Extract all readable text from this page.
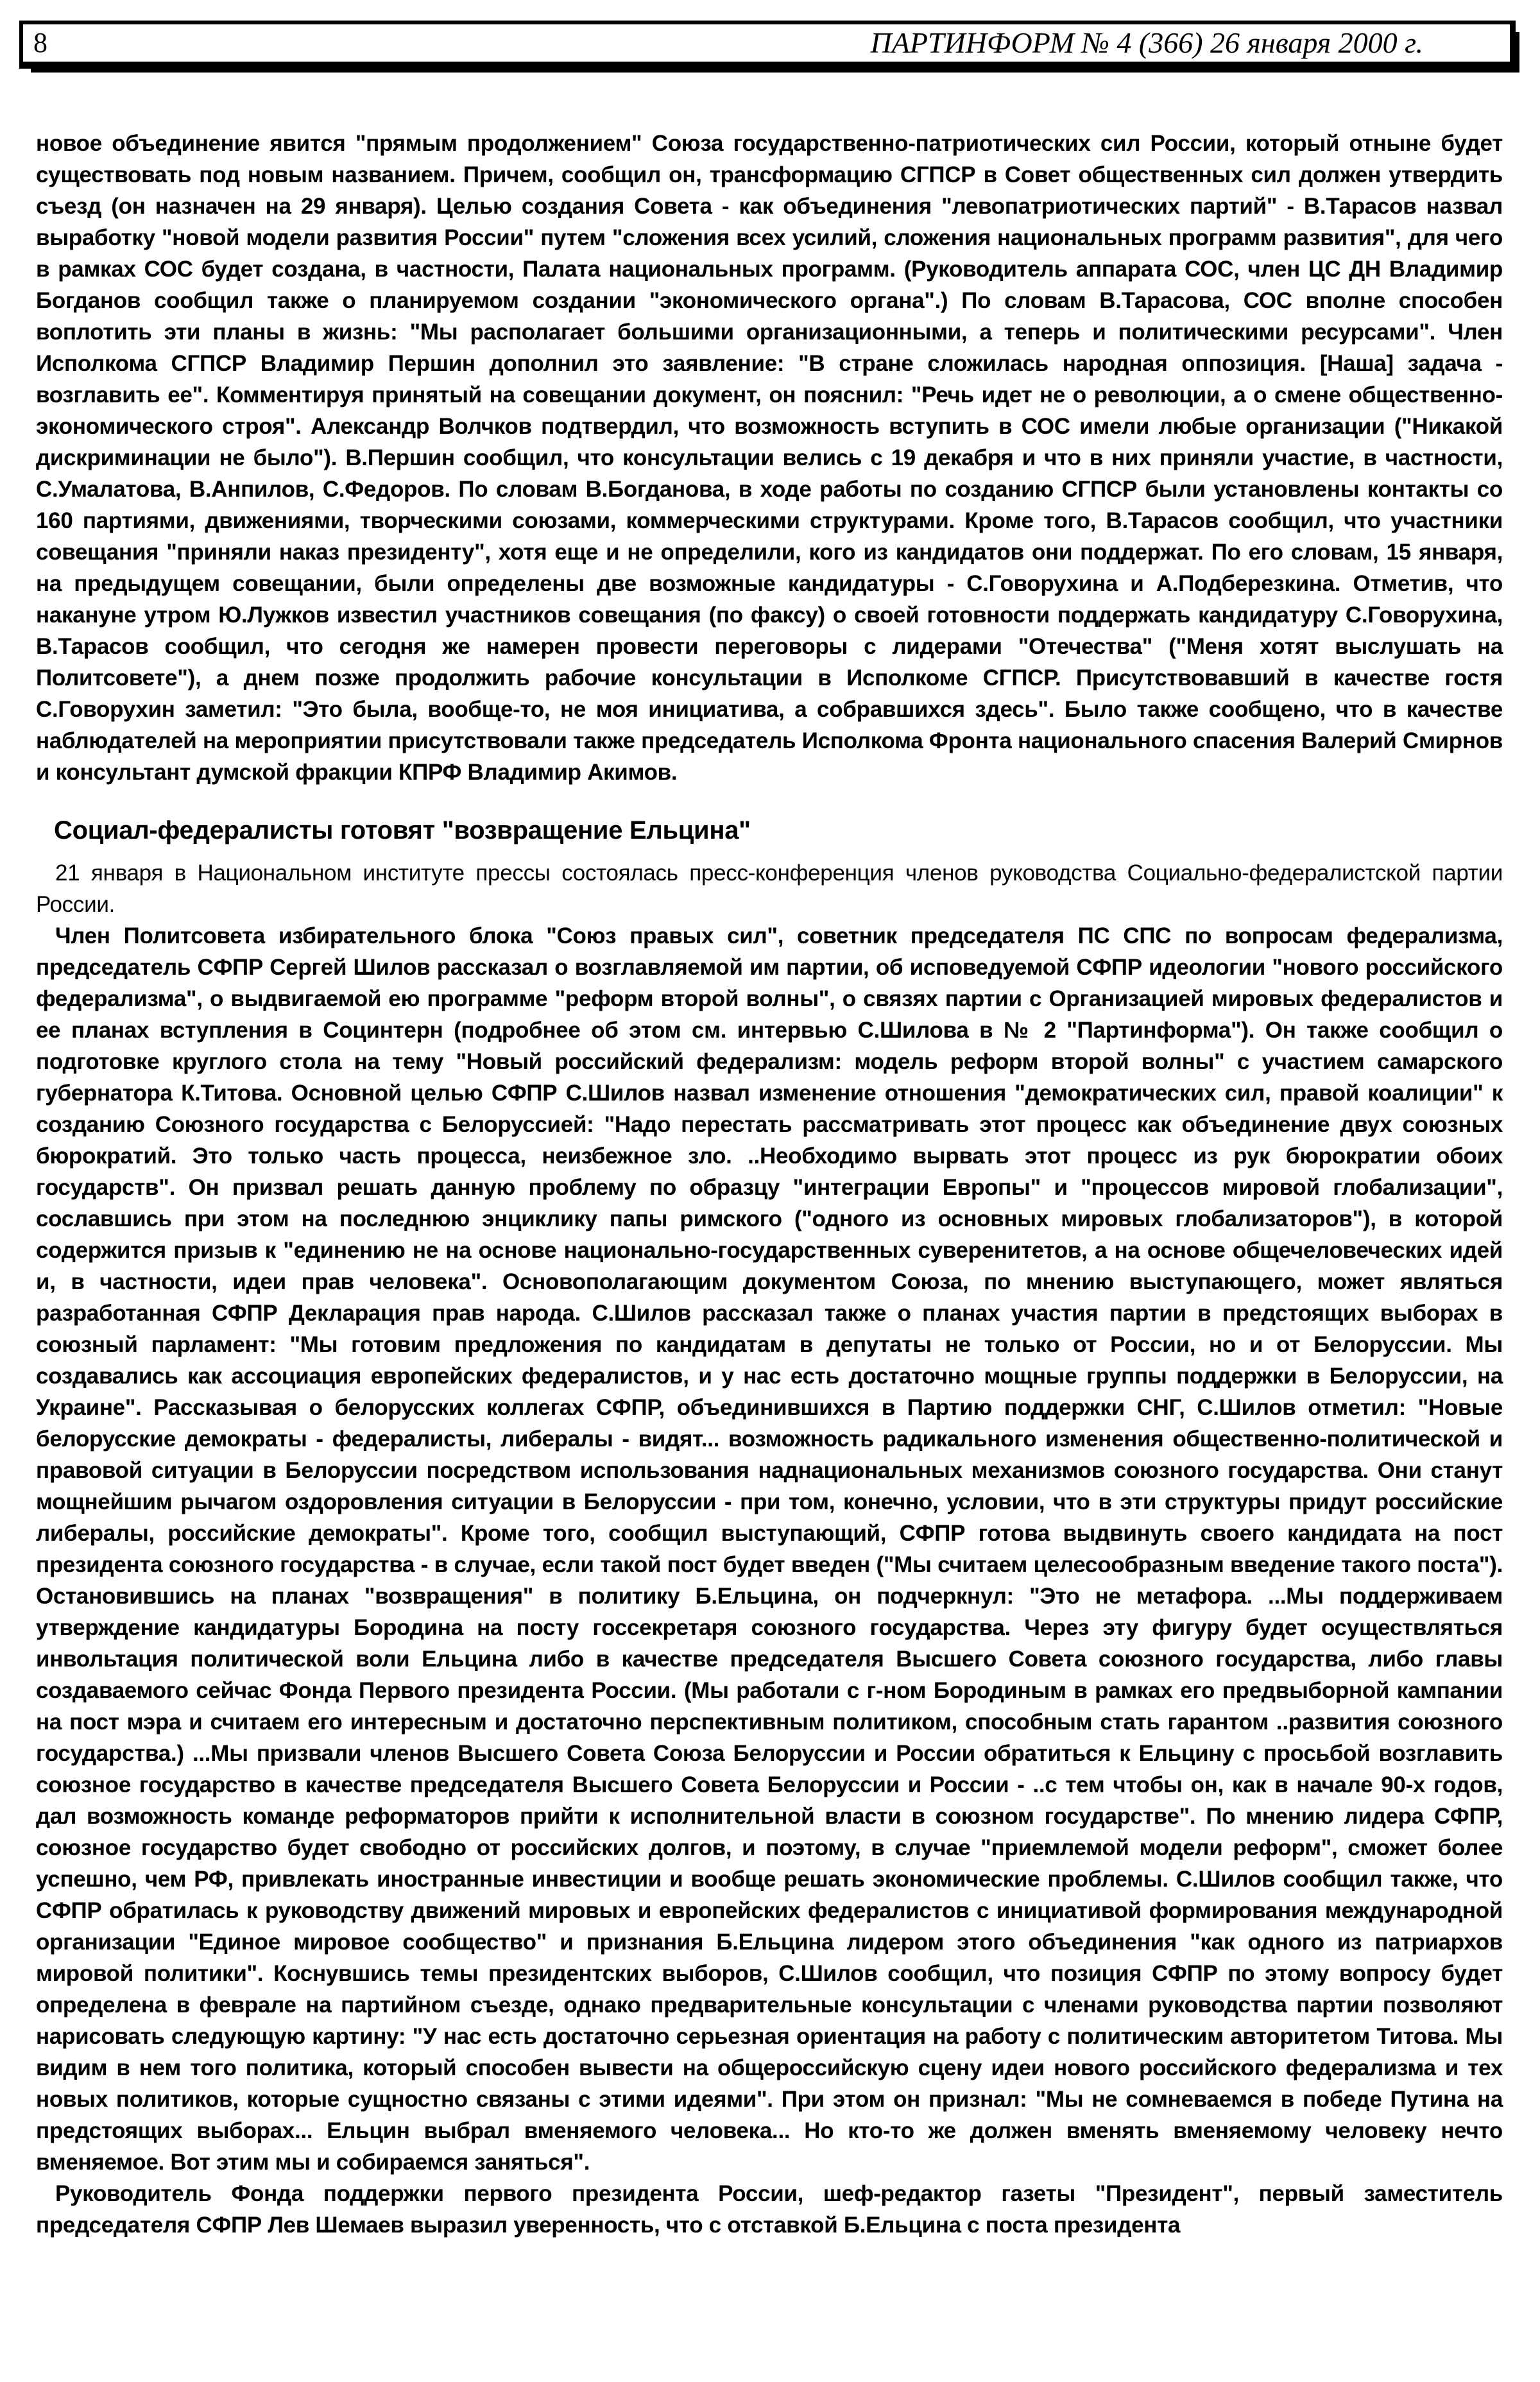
8	ПАРТИНФОРМ № 4 (366) 26 января 2000 г.

новое объединение явится "прямым продолжением" Союза государственно-патриотических сил России, который отныне будет существовать под новым названием. Причем, сообщил он, трансформацию СГПСР в Совет общественных сил должен утвердить съезд (он назначен на 29 января). Целью создания Совета - как объединения "левопатриотических партий" - В.Тарасов назвал выработку "новой модели развития России" путем "сложения всех усилий, сложения национальных программ развития", для чего в рамках СОС будет создана, в частности, Палата национальных программ. (Руководитель аппарата СОС, член ЦС ДН Владимир Богданов сообщил также о планируемом создании "экономического органа".) По словам В.Тарасова, СОС вполне способен воплотить эти планы в жизнь: "Мы располагает большими организационными, а теперь и политическими ресурсами". Член Исполкома СГПСР Владимир Першин дополнил это заявление: "В стране сложилась народная оппозиция. [Наша] задача - возглавить ее". Комментируя принятый на совещании документ, он пояснил: "Речь идет не о революции, а о смене общественно-экономического строя". Александр Волчков подтвердил, что возможность вступить в СОС имели любые организации ("Никакой дискриминации не было"). В.Першин сообщил, что консультации велись с 19 декабря и что в них приняли участие, в частности, С.Умалатова, В.Анпилов, С.Федоров. По словам В.Богданова, в ходе работы по созданию СГПСР были установлены контакты со 160 партиями, движениями, творческими союзами, коммерческими структурами. Кроме того, В.Тарасов сообщил, что участники совещания "приняли наказ президенту", хотя еще и не определили, кого из кандидатов они поддержат. По его словам, 15 января, на предыдущем совещании, были определены две возможные кандидатуры - С.Говорухина и А.Подберезкина. Отметив, что накануне утром Ю.Лужков известил участников совещания (по факсу) о своей готовности поддержать кандидатуру С.Говорухина, В.Тарасов сообщил, что сегодня же намерен провести переговоры с лидерами "Отечества" ("Меня хотят выслушать на Политсовете"), а днем позже продолжить рабочие консультации в Исполкоме СГПСР. Присутствовавший в качестве гостя С.Говорухин заметил: "Это была, вообще-то, не моя инициатива, а собравшихся здесь". Было также сообщено, что в качестве наблюдателей на мероприятии присутствовали также председатель Исполкома Фронта национального спасения Валерий Смирнов и консультант думской фракции КПРФ Владимир Акимов.

Социал-федералисты готовят "возвращение Ельцина"

21 января в Национальном институте прессы состоялась пресс-конференция членов руководства Социально-федералистской партии России.

Член Политсовета избирательного блока "Союз правых сил", советник председателя ПС СПС по вопросам федерализма, председатель СФПР Сергей Шилов рассказал о возглавляемой им партии, об исповедуемой СФПР идеологии "нового российского федерализма", о выдвигаемой ею программе "реформ второй волны", о связях партии с Организацией мировых федералистов и ее планах вступления в Социнтерн (подробнее об этом см. интервью С.Шилова в № 2 "Партинформа"). Он также сообщил о подготовке круглого стола на тему "Новый российский федерализм: модель реформ второй волны" с участием самарского губернатора К.Титова. Основной целью СФПР С.Шилов назвал изменение отношения "демократических сил, правой коалиции" к созданию Союзного государства с Белоруссией: "Надо перестать рассматривать этот процесс как объединение двух союзных бюрократий. Это только часть процесса, неизбежное зло. ..Необходимо вырвать этот процесс из рук бюрократии обоих государств". Он призвал решать данную проблему по образцу "интеграции Европы" и "процессов мировой глобализации", сославшись при этом на последнюю энциклику папы римского ("одного из основных мировых глобализаторов"), в которой содержится призыв к "единению не на основе национально-государственных суверенитетов, а на основе общечеловеческих идей и, в частности, идеи прав человека". Основополагающим документом Союза, по мнению выступающего, может являться разработанная СФПР Декларация прав народа. С.Шилов рассказал также о планах участия партии в предстоящих выборах в союзный парламент: "Мы готовим предложения по кандидатам в депутаты не только от России, но и от Белоруссии. Мы создавались как ассоциация европейских федералистов, и у нас есть достаточно мощные группы поддержки в Белоруссии, на Украине". Рассказывая о белорусских коллегах СФПР, объединившихся в Партию поддержки СНГ, С.Шилов отметил: "Новые белорусские демократы - федералисты, либералы - видят... возможность радикального изменения общественно-политической и правовой ситуации в Белоруссии посредством использования наднациональных механизмов союзного государства. Они станут мощнейшим рычагом оздоровления ситуации в Белоруссии - при том, конечно, условии, что в эти структуры придут российские либералы, российские демократы". Кроме того, сообщил выступающий, СФПР готова выдвинуть своего кандидата на пост президента союзного государства - в случае, если такой пост будет введен ("Мы считаем целесообразным введение такого поста"). Остановившись на планах "возвращения" в политику Б.Ельцина, он подчеркнул: "Это не метафора. ...Мы поддерживаем утверждение кандидатуры Бородина на посту госсекретаря союзного государства. Через эту фигуру будет осуществляться инвольтация политической воли Ельцина либо в качестве председателя Высшего Совета союзного государства, либо главы создаваемого сейчас Фонда Первого президента России. (Мы работали с г-ном Бородиным в рамках его предвыборной кампании на пост мэра и считаем его интересным и достаточно перспективным политиком, способным стать гарантом ..развития союзного государства.) ...Мы призвали членов Высшего Совета Союза Белоруссии и России обратиться к Ельцину с просьбой возглавить союзное государство в качестве председателя Высшего Совета Белоруссии и России - ..с тем чтобы он, как в начале 90-х годов, дал возможность команде реформаторов прийти к исполнительной власти в союзном государстве". По мнению лидера СФПР, союзное государство будет свободно от российских долгов, и поэтому, в случае "приемлемой модели реформ", сможет более успешно, чем РФ, привлекать иностранные инвестиции и вообще решать экономические проблемы. С.Шилов сообщил также, что СФПР обратилась к руководству движений мировых и европейских федералистов с инициативой формирования международной организации "Единое мировое сообщество" и признания Б.Ельцина лидером этого объединения "как одного из патриархов мировой политики". Коснувшись темы президентских выборов, С.Шилов сообщил, что позиция СФПР по этому вопросу будет определена в феврале на партийном съезде, однако предварительные консультации с членами руководства партии позволяют нарисовать следующую картину: "У нас есть достаточно серьезная ориентация на работу с политическим авторитетом Титова. Мы видим в нем того политика, который способен вывести на общероссийскую сцену идеи нового российского федерализма и тех новых политиков, которые сущностно связаны с этими идеями". При этом он признал: "Мы не сомневаемся в победе Путина на предстоящих выборах... Ельцин выбрал вменяемого человека... Но кто-то же должен вменять вменяемому человеку нечто вменяемое. Вот этим мы и собираемся заняться".

Руководитель Фонда поддержки первого президента России, шеф-редактор газеты "Президент", первый заместитель председателя СФПР Лев Шемаев выразил уверенность, что с отставкой Б.Ельцина с поста президента
